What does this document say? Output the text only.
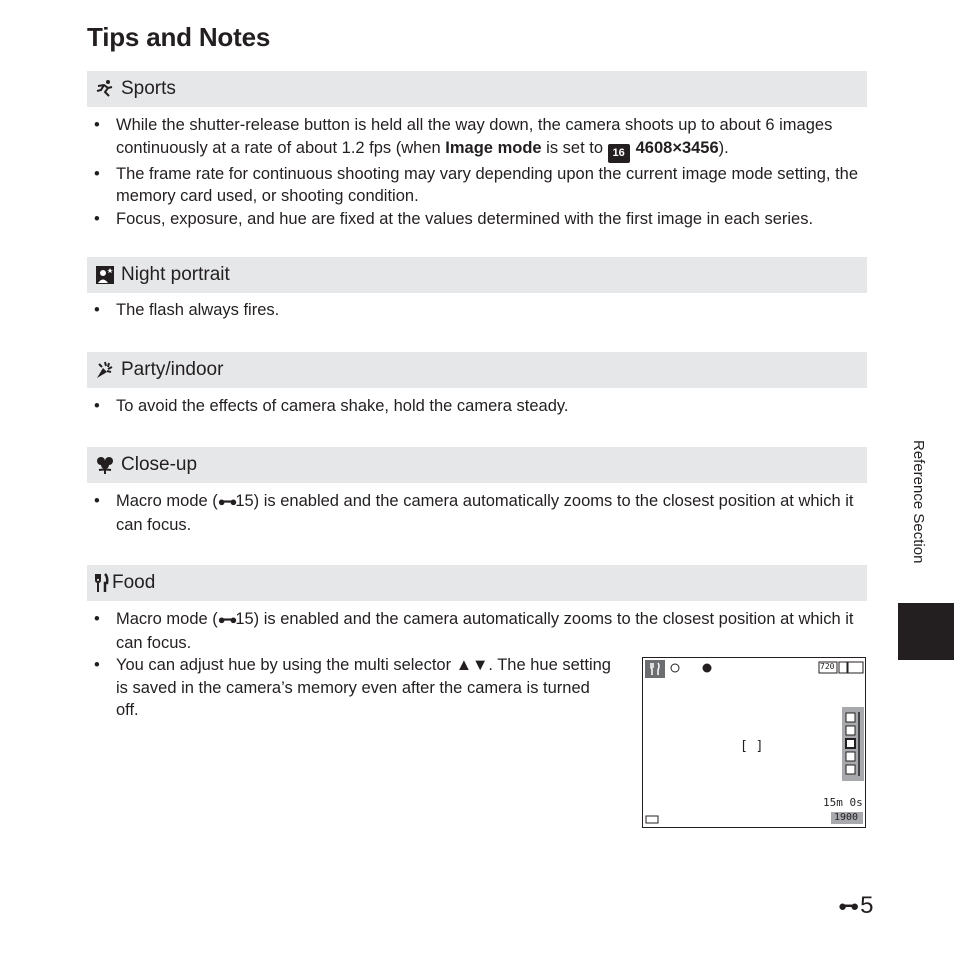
Tips and Notes
Sports
• While the shutter-release button is held all the way down, the camera shoots up to about 6 images continuously at a rate of about 1.2 fps (when Image mode is set to 16 4608×3456).
• The frame rate for continuous shooting may vary depending upon the current image mode setting, the memory card used, or shooting condition.
• Focus, exposure, and hue are fixed at the values determined with the first image in each series.
Night portrait
• The flash always fires.
Party/indoor
• To avoid the effects of camera shake, hold the camera steady.
Close-up
• Macro mode (●━●15) is enabled and the camera automatically zooms to the closest position at which it can focus.
Food
• Macro mode (●━●15) is enabled and the camera automatically zooms to the closest position at which it can focus.
• You can adjust hue by using the multi selector ▲▼. The hue setting is saved in the camera’s memory even after the camera is turned off.
[ ]
720
15m 0s
1900
Reference Section
●━● 5
